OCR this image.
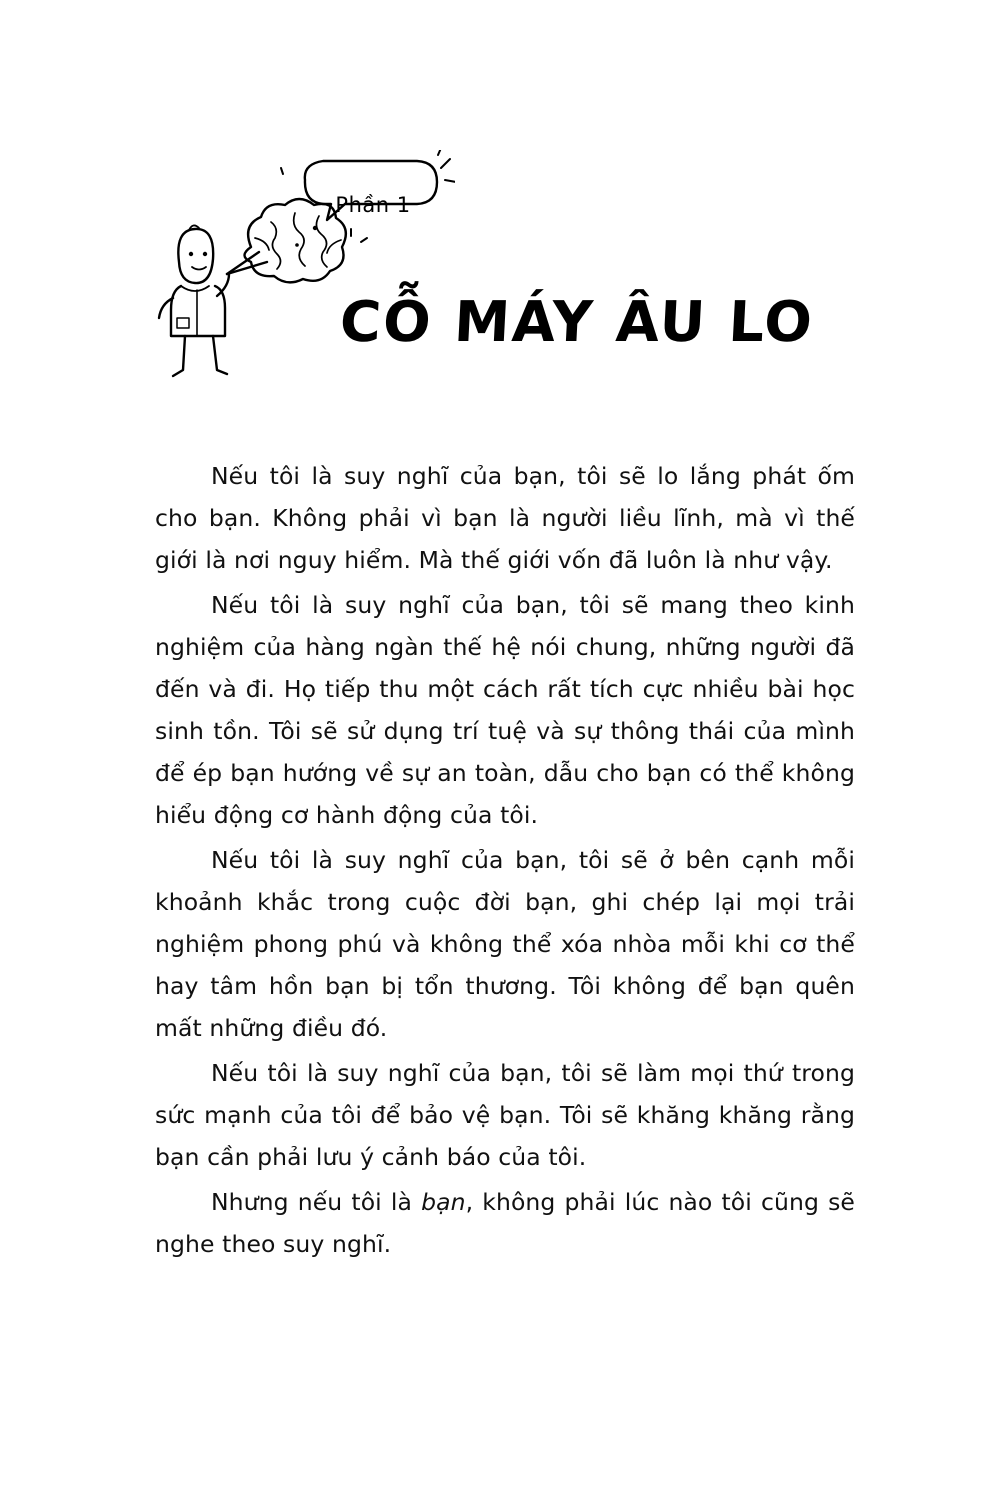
Phần 1
CỖ MÁY ÂU LO

Nếu tôi là suy nghĩ của bạn, tôi sẽ lo lắng phát ốm cho bạn. Không phải vì bạn là người liều lĩnh, mà vì thế giới là nơi nguy hiểm. Mà thế giới vốn đã luôn là như vậy.

Nếu tôi là suy nghĩ của bạn, tôi sẽ mang theo kinh nghiệm của hàng ngàn thế hệ nói chung, những người đã đến và đi. Họ tiếp thu một cách rất tích cực nhiều bài học sinh tồn. Tôi sẽ sử dụng trí tuệ và sự thông thái của mình để ép bạn hướng về sự an toàn, dẫu cho bạn có thể không hiểu động cơ hành động của tôi.

Nếu tôi là suy nghĩ của bạn, tôi sẽ ở bên cạnh mỗi khoảnh khắc trong cuộc đời bạn, ghi chép lại mọi trải nghiệm phong phú và không thể xóa nhòa mỗi khi cơ thể hay tâm hồn bạn bị tổn thương. Tôi không để bạn quên mất những điều đó.

Nếu tôi là suy nghĩ của bạn, tôi sẽ làm mọi thứ trong sức mạnh của tôi để bảo vệ bạn. Tôi sẽ khăng khăng rằng bạn cần phải lưu ý cảnh báo của tôi.

Nhưng nếu tôi là bạn, không phải lúc nào tôi cũng sẽ nghe theo suy nghĩ.
